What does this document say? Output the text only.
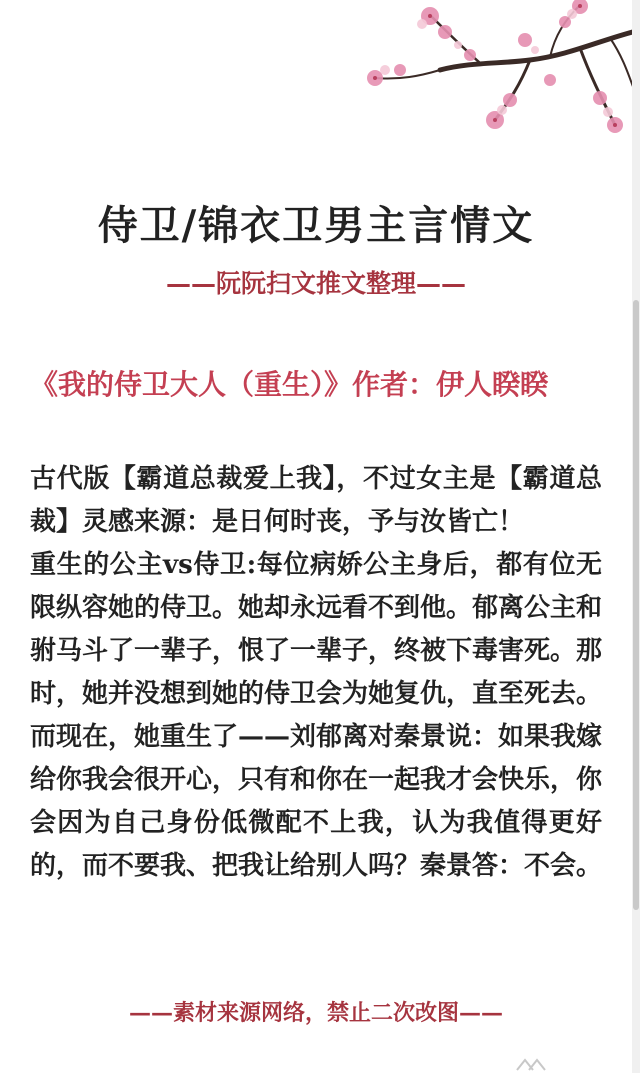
侍卫/锦衣卫男主言情文
——阮阮扫文推文整理——
《我的侍卫大人（重生）》作者：伊人睽睽

古代版【霸道总裁爱上我】，不过女主是【霸道总裁】灵感来源：是日何时丧，予与汝皆亡！

重生的公主vs侍卫:每位病娇公主身后，都有位无限纵容她的侍卫。她却永远看不到他。郁离公主和驸马斗了一辈子，恨了一辈子，终被下毒害死。那时，她并没想到她的侍卫会为她复仇，直至死去。而现在，她重生了——刘郁离对秦景说：如果我嫁给你我会很开心，只有和你在一起我才会快乐，你会因为自己身份低微配不上我，认为我值得更好的，而不要我、把我让给别人吗？秦景答：不会。

——素材来源网络，禁止二次改图——
